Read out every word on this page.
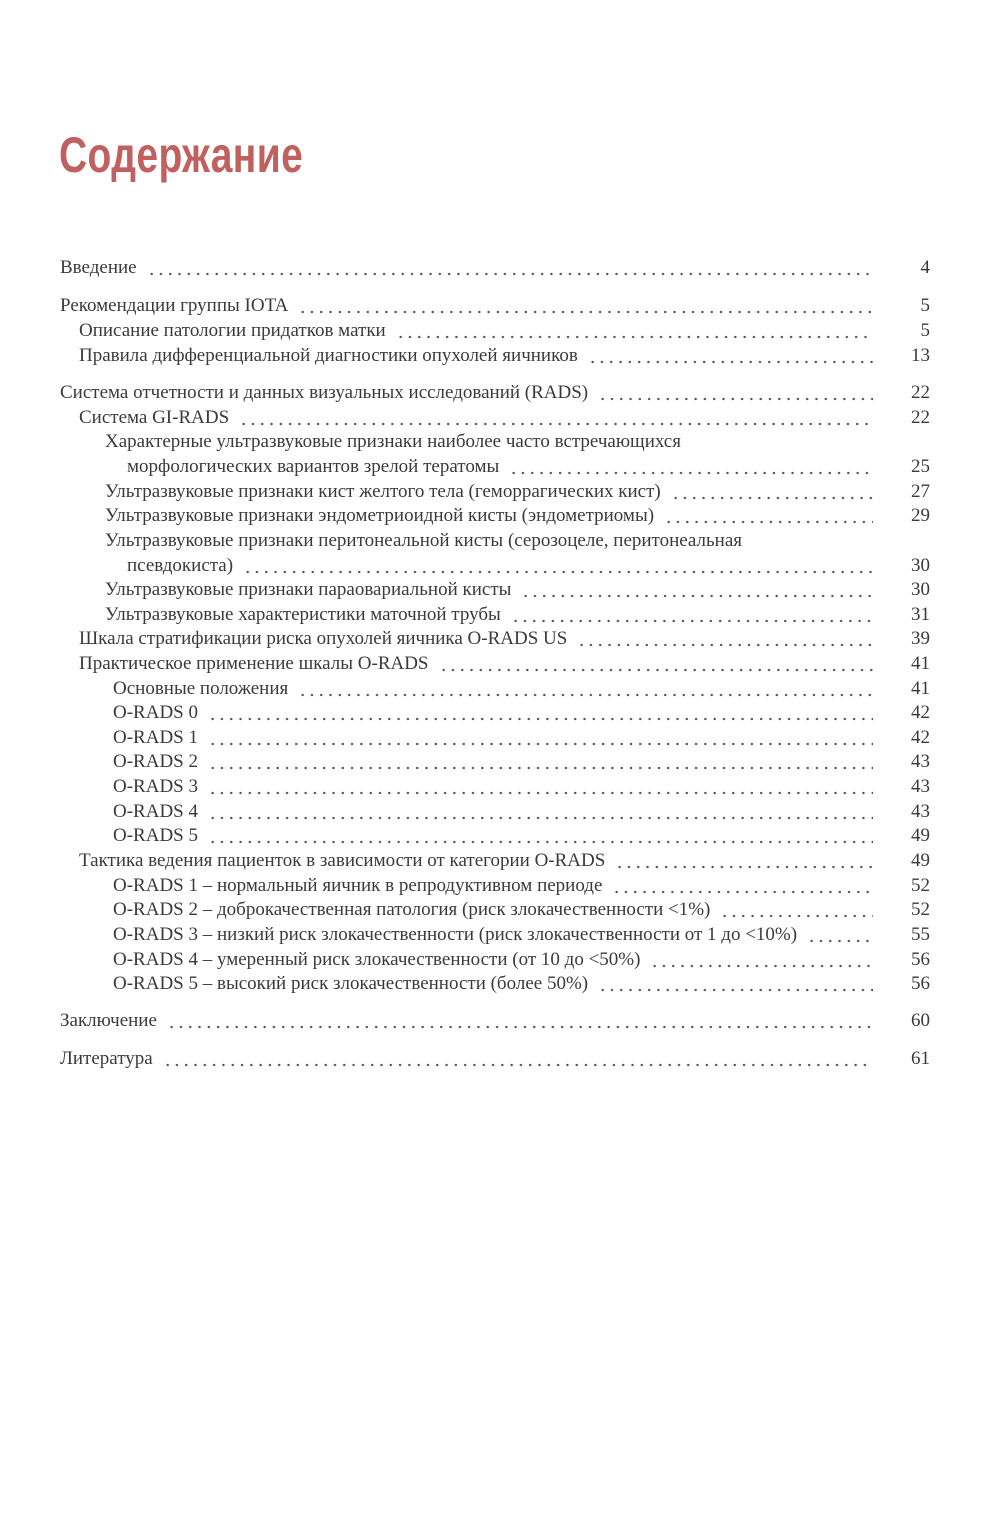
Содержание
Введение	4
Рекомендации группы IOTA	5
Описание патологии придатков матки	5
Правила дифференциальной диагностики опухолей яичников	13
Система отчетности и данных визуальных исследований (RADS)	22
Система GI-RADS	22
Характерные ультразвуковые признаки наиболее часто встречающихся
морфологических вариантов зрелой тератомы	25
Ультразвуковые признаки кист желтого тела (геморрагических кист)	27
Ультразвуковые признаки эндометриоидной кисты (эндометриомы)	29
Ультразвуковые признаки перитонеальной кисты (серозоцеле, перитонеальная
псевдокиста)	30
Ультразвуковые признаки параовариальной кисты	30
Ультразвуковые характеристики маточной трубы	31
Шкала стратификации риска опухолей яичника O-RADS US	39
Практическое применение шкалы O-RADS	41
Основные положения	41
O-RADS 0	42
O-RADS 1	42
O-RADS 2	43
O-RADS 3	43
O-RADS 4	43
O-RADS 5	49
Тактика ведения пациенток в зависимости от категории O-RADS	49
O-RADS 1 – нормальный яичник в репродуктивном периоде	52
O-RADS 2 – доброкачественная патология (риск злокачественности <1%)	52
O-RADS 3 – низкий риск злокачественности (риск злокачественности от 1 до <10%)	55
O-RADS 4 – умеренный риск злокачественности (от 10 до <50%)	56
O-RADS 5 – высокий риск злокачественности (более 50%)	56
Заключение	60
Литература	61
